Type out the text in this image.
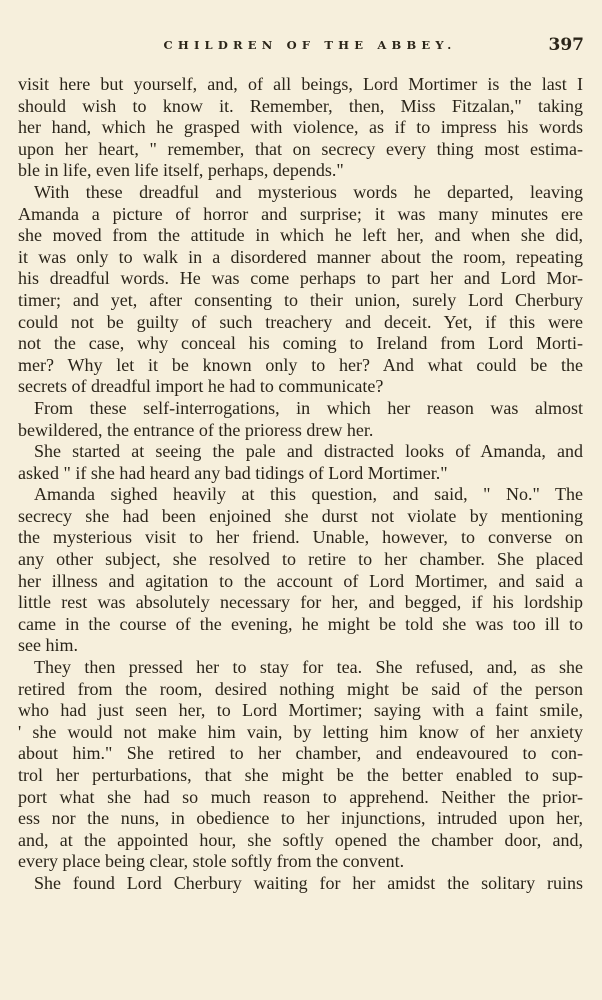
CHILDREN OF THE ABBEY.	397
visit here but yourself, and, of all beings, Lord Mortimer is the last I
should wish to know it. Remember, then, Miss Fitzalan," taking
her hand, which he grasped with violence, as if to impress his words
upon her heart, " remember, that on secrecy every thing most estima-
ble in life, even life itself, perhaps, depends."
With these dreadful and mysterious words he departed, leaving
Amanda a picture of horror and surprise; it was many minutes ere
she moved from the attitude in which he left her, and when she did,
it was only to walk in a disordered manner about the room, repeating
his dreadful words. He was come perhaps to part her and Lord Mor-
timer; and yet, after consenting to their union, surely Lord Cherbury
could not be guilty of such treachery and deceit. Yet, if this were
not the case, why conceal his coming to Ireland from Lord Morti-
mer? Why let it be known only to her? And what could be the
secrets of dreadful import he had to communicate?
From these self-interrogations, in which her reason was almost
bewildered, the entrance of the prioress drew her.
She started at seeing the pale and distracted looks of Amanda, and
asked " if she had heard any bad tidings of Lord Mortimer."
Amanda sighed heavily at this question, and said, " No." The
secrecy she had been enjoined she durst not violate by mentioning
the mysterious visit to her friend. Unable, however, to converse on
any other subject, she resolved to retire to her chamber. She placed
her illness and agitation to the account of Lord Mortimer, and said a
little rest was absolutely necessary for her, and begged, if his lordship
came in the course of the evening, he might be told she was too ill to
see him.
They then pressed her to stay for tea. She refused, and, as she
retired from the room, desired nothing might be said of the person
who had just seen her, to Lord Mortimer; saying with a faint smile,
' she would not make him vain, by letting him know of her anxiety
about him." She retired to her chamber, and endeavoured to con-
trol her perturbations, that she might be the better enabled to sup-
port what she had so much reason to apprehend. Neither the prior-
ess nor the nuns, in obedience to her injunctions, intruded upon her,
and, at the appointed hour, she softly opened the chamber door, and,
every place being clear, stole softly from the convent.
She found Lord Cherbury waiting for her amidst the solitary ruins
